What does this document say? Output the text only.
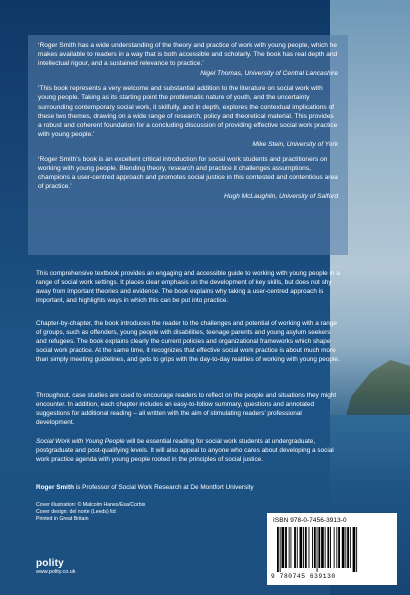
‘Roger Smith has a wide understanding of the theory and practice of work with young people, which he makes available to readers in a way that is both accessible and scholarly. The book has real depth and intellectual rigour, and a sustained relevance to practice.’

Nigel Thomas, University of Central Lancashire

‘This book represents a very welcome and substantial addition to the literature on social work with young people. Taking as its starting point the problematic nature of youth, and the uncertainty surrounding contemporary social work, it skilfully, and in depth, explores the contextual implications of these two themes, drawing on a wide range of research, policy and theoretical material. This provides a robust and coherent foundation for a concluding discussion of providing effective social work practice with young people.’

Mike Stein, University of York

‘Roger Smith’s book is an excellent critical introduction for social work students and practitioners on working with young people. Blending theory, research and practice it challenges assumptions, champions a user-centred approach and promotes social justice in this contested and contentious area of practice.’

Hugh McLaughlin, University of Salford

This comprehensive textbook provides an engaging and accessible guide to working with young people in a range of social work settings. It places clear emphasis on the development of key skills, but does not shy away from important theories and evidence. The book explains why taking a user-centred approach is important, and highlights ways in which this can be put into practice.

Chapter-by-chapter, the book introduces the reader to the challenges and potential of working with a range of groups, such as offenders, young people with disabilities, teenage parents and young asylum seekers and refugees. The book explains clearly the current policies and organizational frameworks which shape social work practice. At the same time, it recognizes that effective social work practice is about much more than simply meeting guidelines, and gets to grips with the day-to-day realities of working with young people.

Throughout, case studies are used to encourage readers to reflect on the people and situations they might encounter. In addition, each chapter includes an easy-to-follow summary, questions and annotated suggestions for additional reading – all written with the aim of stimulating readers’ professional development.

Social Work with Young People will be essential reading for social work students at undergraduate, postgraduate and post-qualifying levels. It will also appeal to anyone who cares about developing a social work practice agenda with young people rooted in the principles of social justice.

Roger Smith is Professor of Social Work Research at De Montfort University

Cover illustration: © Malcolm Hanes/Esa/Corbis
Cover design: del norte (Leeds) ltd
Printed in Great Britain
polity
www.polity.co.uk
ISBN 978-0-7456-3913-0
9 780745 639130
